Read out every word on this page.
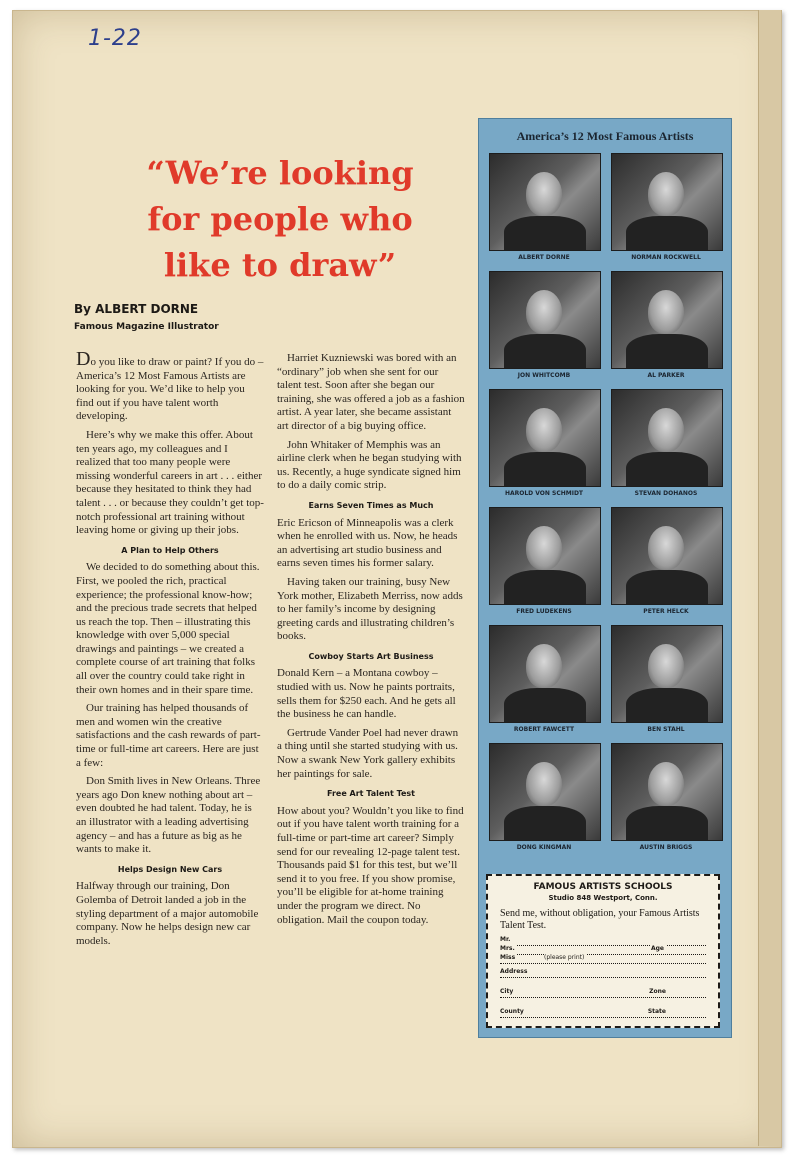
1-22
“We’re looking
for people who
like to draw”
By ALBERT DORNE
Famous Magazine Illustrator

Do you like to draw or paint? If you do – America’s 12 Most Famous Artists are looking for you. We’d like to help you find out if you have talent worth developing.

Here’s why we make this offer. About ten years ago, my colleagues and I realized that too many people were missing wonderful careers in art . . . either because they hesitated to think they had talent . . . or because they couldn’t get top-notch professional art training without leaving home or giving up their jobs.

A Plan to Help Others

We decided to do something about this. First, we pooled the rich, practical experience; the professional know-how; and the precious trade secrets that helped us reach the top. Then – illustrating this knowledge with over 5,000 special drawings and paintings – we created a complete course of art training that folks all over the country could take right in their own homes and in their spare time.

Our training has helped thousands of men and women win the creative satisfactions and the cash rewards of part-time or full-time art careers. Here are just a few:

Don Smith lives in New Orleans. Three years ago Don knew nothing about art – even doubted he had talent. Today, he is an illustrator with a leading advertising agency – and has a future as big as he wants to make it.

Helps Design New Cars

Halfway through our training, Don Golemba of Detroit landed a job in the styling department of a major automobile company. Now he helps design new car models.

Harriet Kuzniewski was bored with an “ordinary” job when she sent for our talent test. Soon after she began our training, she was offered a job as a fashion artist. A year later, she became assistant art director of a big buying office.

John Whitaker of Memphis was an airline clerk when he began studying with us. Recently, a huge syndicate signed him to do a daily comic strip.

Earns Seven Times as Much

Eric Ericson of Minneapolis was a clerk when he enrolled with us. Now, he heads an advertising art studio business and earns seven times his former salary.

Having taken our training, busy New York mother, Elizabeth Merriss, now adds to her family’s income by designing greeting cards and illustrating children’s books.

Cowboy Starts Art Business

Donald Kern – a Montana cowboy – studied with us. Now he paints portraits, sells them for $250 each. And he gets all the business he can handle.

Gertrude Vander Poel had never drawn a thing until she started studying with us. Now a swank New York gallery exhibits her paintings for sale.

Free Art Talent Test

How about you? Wouldn’t you like to find out if you have talent worth training for a full-time or part-time art career? Simply send for our revealing 12-page talent test. Thousands paid $1 for this test, but we’ll send it to you free. If you show promise, you’ll be eligible for at-home training under the program we direct. No obligation. Mail the coupon today.

America’s 12 Most Famous Artists
ALBERT DORNE	NORMAN ROCKWELL
JON WHITCOMB	AL PARKER
HAROLD VON SCHMIDT	STEVAN DOHANOS
FRED LUDEKENS	PETER HELCK
ROBERT FAWCETT	BEN STAHL
DONG KINGMAN	AUSTIN BRIGGS
FAMOUS ARTISTS SCHOOLS
Studio 848 Westport, Conn.
Send me, without obligation, your Famous Artists Talent Test.
Mr.
Mrs.	Age
Miss	(please print)
Address
City	Zone
County	State
